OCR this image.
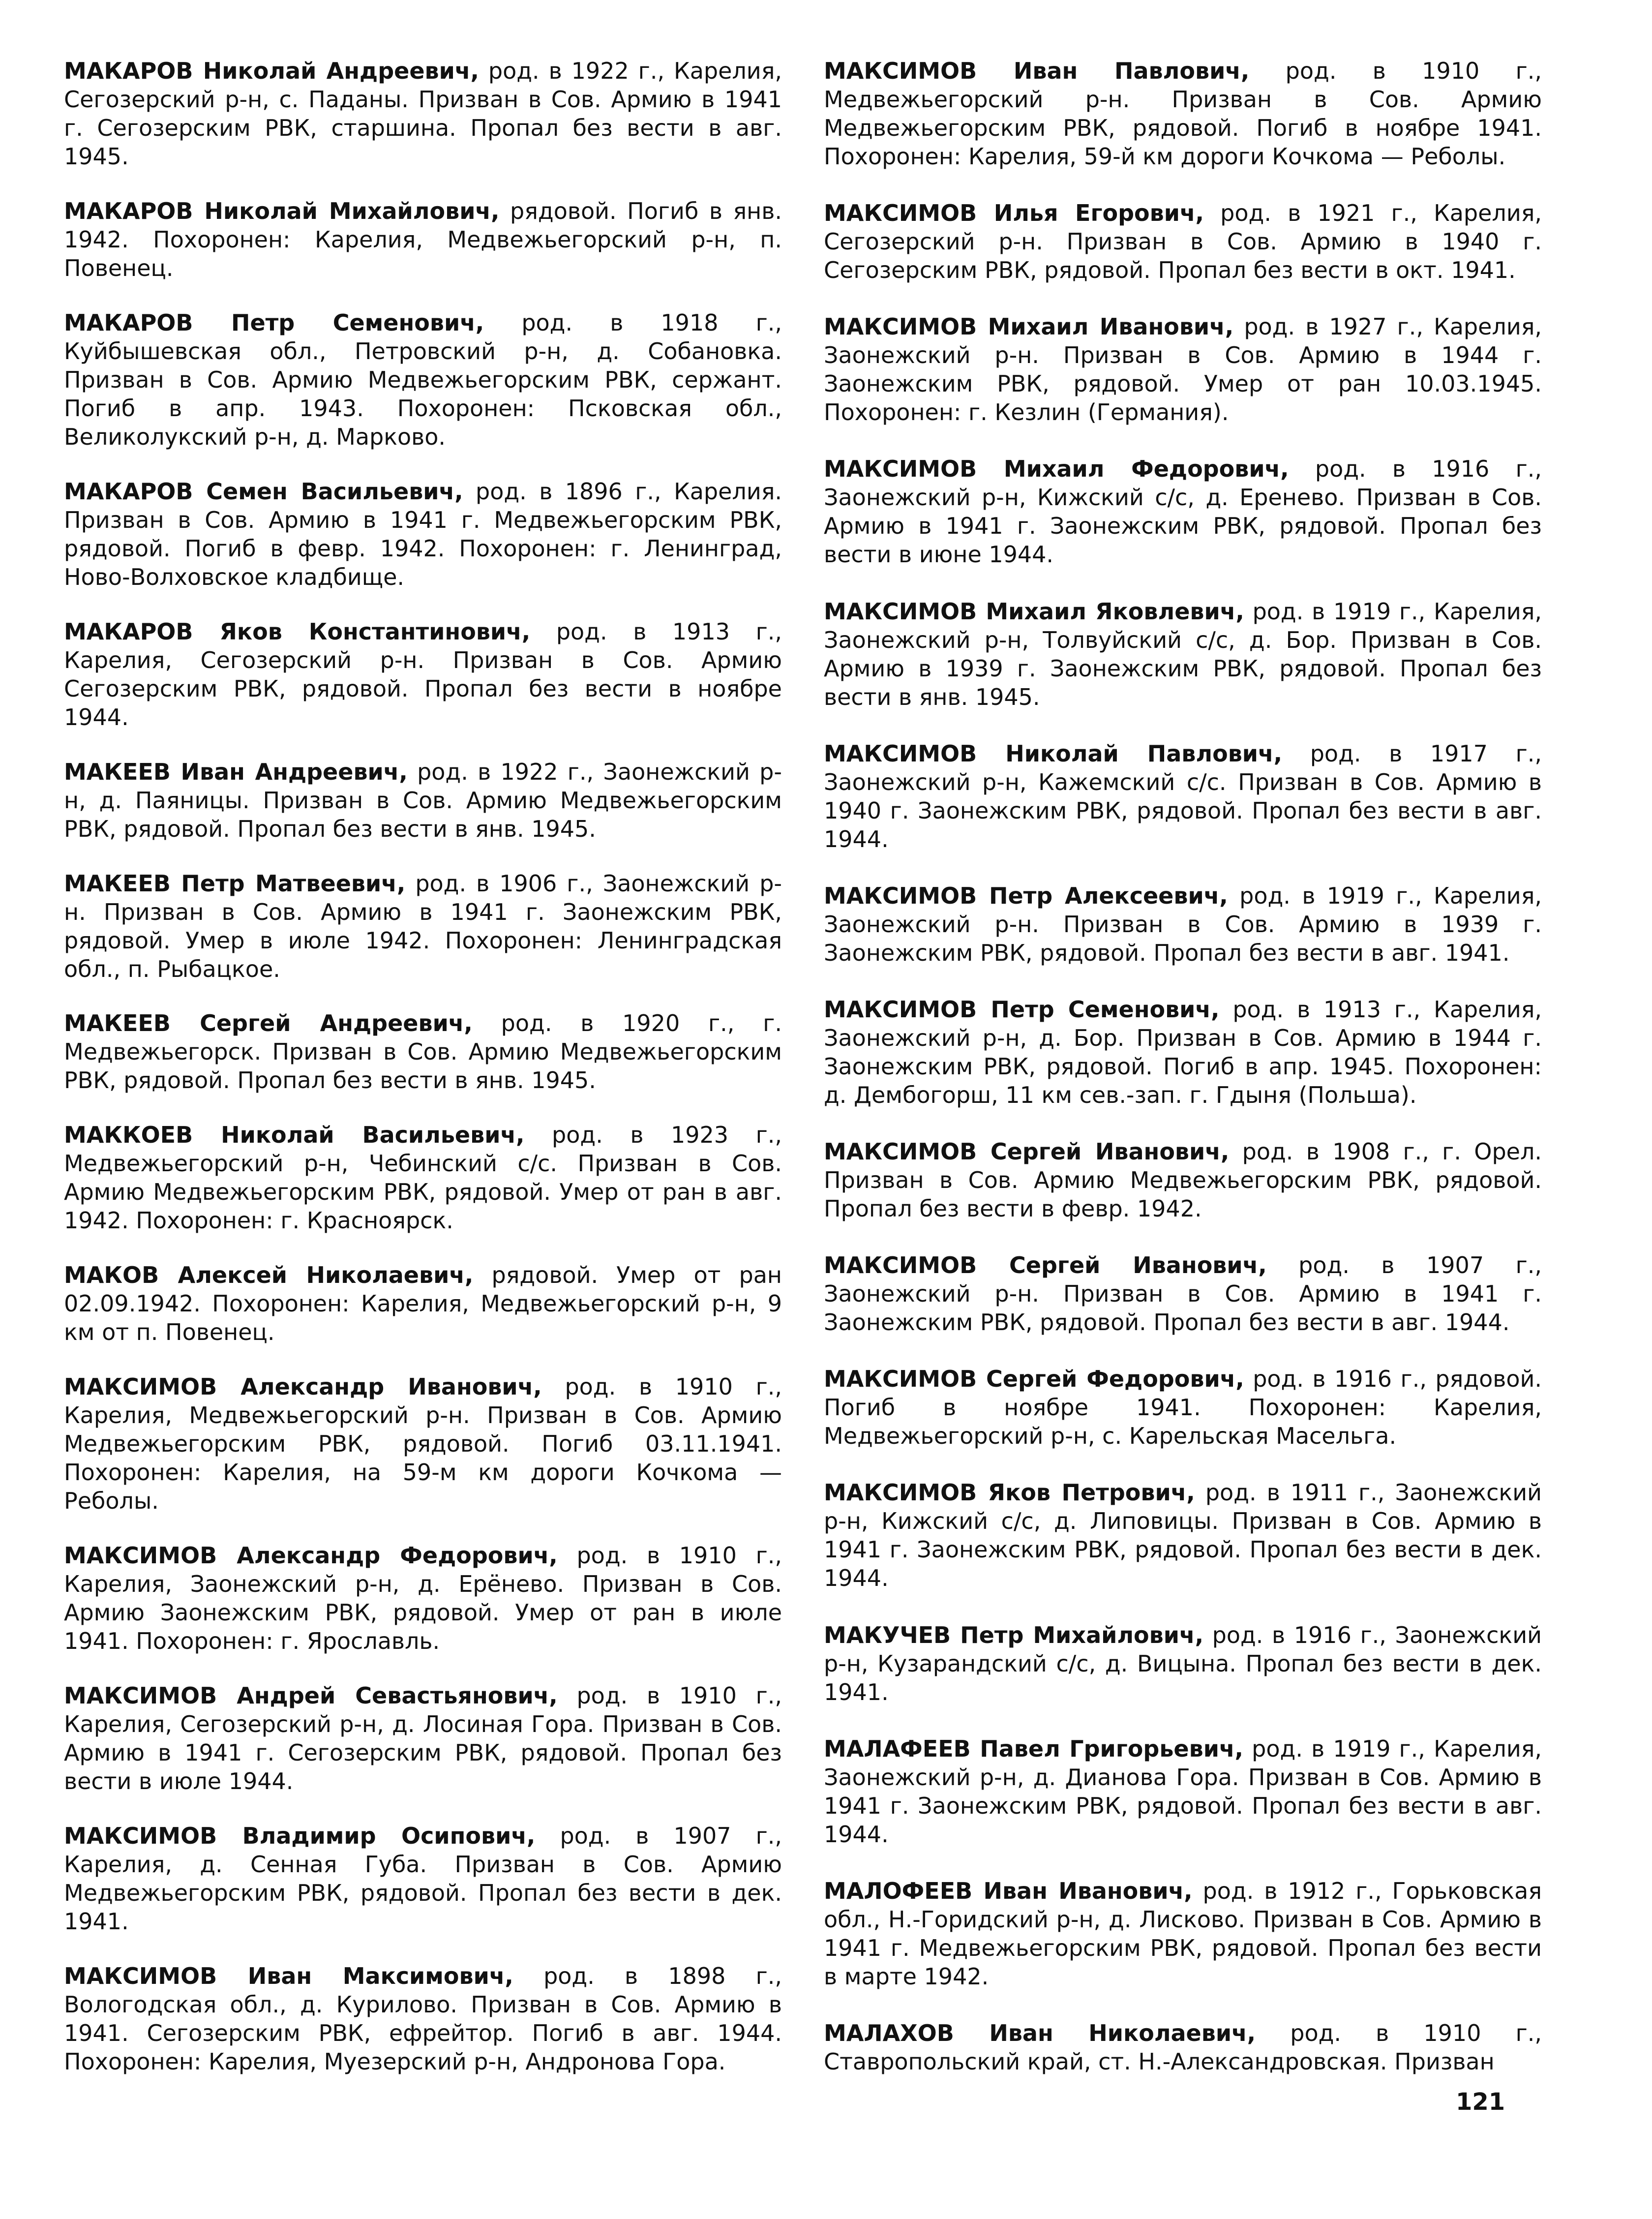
МАКАРОВ Николай Андреевич, род. в 1922 г., Карелия, Сегозерский р-н, с. Паданы. Призван в Сов. Армию в 1941 г. Сегозерским РВК, старшина. Пропал без вести в авг. 1945.

МАКАРОВ Николай Михайлович, рядовой. Погиб в янв. 1942. Похоронен: Карелия, Медвежьегорский р-н, п. Повенец.

МАКАРОВ Петр Семенович, род. в 1918 г., Куйбышевская обл., Петровский р-н, д. Собановка. Призван в Сов. Армию Медвежьегорским РВК, сержант. Погиб в апр. 1943. Похоронен: Псковская обл., Великолукский р-н, д. Марково.

МАКАРОВ Семен Васильевич, род. в 1896 г., Карелия. Призван в Сов. Армию в 1941 г. Медвежьегорским РВК, рядовой. Погиб в февр. 1942. Похоронен: г. Ленинград, Ново-Волховское кладбище.

МАКАРОВ Яков Константинович, род. в 1913 г., Карелия, Сегозерский р-н. Призван в Сов. Армию Сегозерским РВК, рядовой. Пропал без вести в ноябре 1944.

МАКЕЕВ Иван Андреевич, род. в 1922 г., Заонежский р-н, д. Паяницы. Призван в Сов. Армию Медвежьегорским РВК, рядовой. Пропал без вести в янв. 1945.

МАКЕЕВ Петр Матвеевич, род. в 1906 г., Заонежский р-н. Призван в Сов. Армию в 1941 г. Заонежским РВК, рядовой. Умер в июле 1942. Похоронен: Ленинградская обл., п. Рыбацкое.

МАКЕЕВ Сергей Андреевич, род. в 1920 г., г. Медвежьегорск. Призван в Сов. Армию Медвежьегорским РВК, рядовой. Пропал без вести в янв. 1945.

МАККОЕВ Николай Васильевич, род. в 1923 г., Медвежьегорский р-н, Чебинский с/с. Призван в Сов. Армию Медвежьегорским РВК, рядовой. Умер от ран в авг. 1942. Похоронен: г. Красноярск.

МАКОВ Алексей Николаевич, рядовой. Умер от ран 02.09.1942. Похоронен: Карелия, Медвежьегорский р-н, 9 км от п. Повенец.

МАКСИМОВ Александр Иванович, род. в 1910 г., Карелия, Медвежьегорский р-н. Призван в Сов. Армию Медвежьегорским РВК, рядовой. Погиб 03.11.1941. Похоронен: Карелия, на 59-м км дороги Кочкома — Реболы.

МАКСИМОВ Александр Федорович, род. в 1910 г., Карелия, Заонежский р-н, д. Ерёнево. Призван в Сов. Армию Заонежским РВК, рядовой. Умер от ран в июле 1941. Похоронен: г. Ярославль.

МАКСИМОВ Андрей Севастьянович, род. в 1910 г., Карелия, Сегозерский р-н, д. Лосиная Гора. Призван в Сов. Армию в 1941 г. Сегозерским РВК, рядовой. Пропал без вести в июле 1944.

МАКСИМОВ Владимир Осипович, род. в 1907 г., Карелия, д. Сенная Губа. Призван в Сов. Армию Медвежьегорским РВК, рядовой. Пропал без вести в дек. 1941.

МАКСИМОВ Иван Максимович, род. в 1898 г., Вологодская обл., д. Курилово. Призван в Сов. Армию в 1941. Сегозерским РВК, ефрейтор. Погиб в авг. 1944. Похоронен: Карелия, Муезерский р-н, Андронова Гора.

МАКСИМОВ Иван Павлович, род. в 1910 г., Медвежьегорский р-н. Призван в Сов. Армию Медвежьегорским РВК, рядовой. Погиб в ноябре 1941. Похоронен: Карелия, 59-й км дороги Кочкома — Реболы.

МАКСИМОВ Илья Егорович, род. в 1921 г., Карелия, Сегозерский р-н. Призван в Сов. Армию в 1940 г. Сегозерским РВК, рядовой. Пропал без вести в окт. 1941.

МАКСИМОВ Михаил Иванович, род. в 1927 г., Карелия, Заонежский р-н. Призван в Сов. Армию в 1944 г. Заонежским РВК, рядовой. Умер от ран 10.03.1945. Похоронен: г. Кезлин (Германия).

МАКСИМОВ Михаил Федорович, род. в 1916 г., Заонежский р-н, Кижский с/с, д. Еренево. Призван в Сов. Армию в 1941 г. Заонежским РВК, рядовой. Пропал без вести в июне 1944.

МАКСИМОВ Михаил Яковлевич, род. в 1919 г., Карелия, Заонежский р-н, Толвуйский с/с, д. Бор. Призван в Сов. Армию в 1939 г. Заонежским РВК, рядовой. Пропал без вести в янв. 1945.

МАКСИМОВ Николай Павлович, род. в 1917 г., Заонежский р-н, Кажемский с/с. Призван в Сов. Армию в 1940 г. Заонежским РВК, рядовой. Пропал без вести в авг. 1944.

МАКСИМОВ Петр Алексеевич, род. в 1919 г., Карелия, Заонежский р-н. Призван в Сов. Армию в 1939 г. Заонежским РВК, рядовой. Пропал без вести в авг. 1941.

МАКСИМОВ Петр Семенович, род. в 1913 г., Карелия, Заонежский р-н, д. Бор. Призван в Сов. Армию в 1944 г. Заонежским РВК, рядовой. Погиб в апр. 1945. Похоронен: д. Дембогорш, 11 км сев.-зап. г. Гдыня (Польша).

МАКСИМОВ Сергей Иванович, род. в 1908 г., г. Орел. Призван в Сов. Армию Медвежьегорским РВК, рядовой. Пропал без вести в февр. 1942.

МАКСИМОВ Сергей Иванович, род. в 1907 г., Заонежский р-н. Призван в Сов. Армию в 1941 г. Заонежским РВК, рядовой. Пропал без вести в авг. 1944.

МАКСИМОВ Сергей Федорович, род. в 1916 г., рядовой. Погиб в ноябре 1941. Похоронен: Карелия, Медвежьегорский р-н, с. Карельская Масельга.

МАКСИМОВ Яков Петрович, род. в 1911 г., Заонежский р-н, Кижский с/с, д. Липовицы. Призван в Сов. Армию в 1941 г. Заонежским РВК, рядовой. Пропал без вести в дек. 1944.

МАКУЧЕВ Петр Михайлович, род. в 1916 г., Заонежский р-н, Кузарандский с/с, д. Вицына. Пропал без вести в дек. 1941.

МАЛАФЕЕВ Павел Григорьевич, род. в 1919 г., Карелия, Заонежский р-н, д. Дианова Гора. Призван в Сов. Армию в 1941 г. Заонежским РВК, рядовой. Пропал без вести в авг. 1944.

МАЛОФЕЕВ Иван Иванович, род. в 1912 г., Горьковская обл., Н.-Горидский р-н, д. Лисково. Призван в Сов. Армию в 1941 г. Медвежьегорским РВК, рядовой. Пропал без вести в марте 1942.

МАЛАХОВ Иван Николаевич, род. в 1910 г., Ставропольский край, ст. Н.-Александровская. Призван

121
